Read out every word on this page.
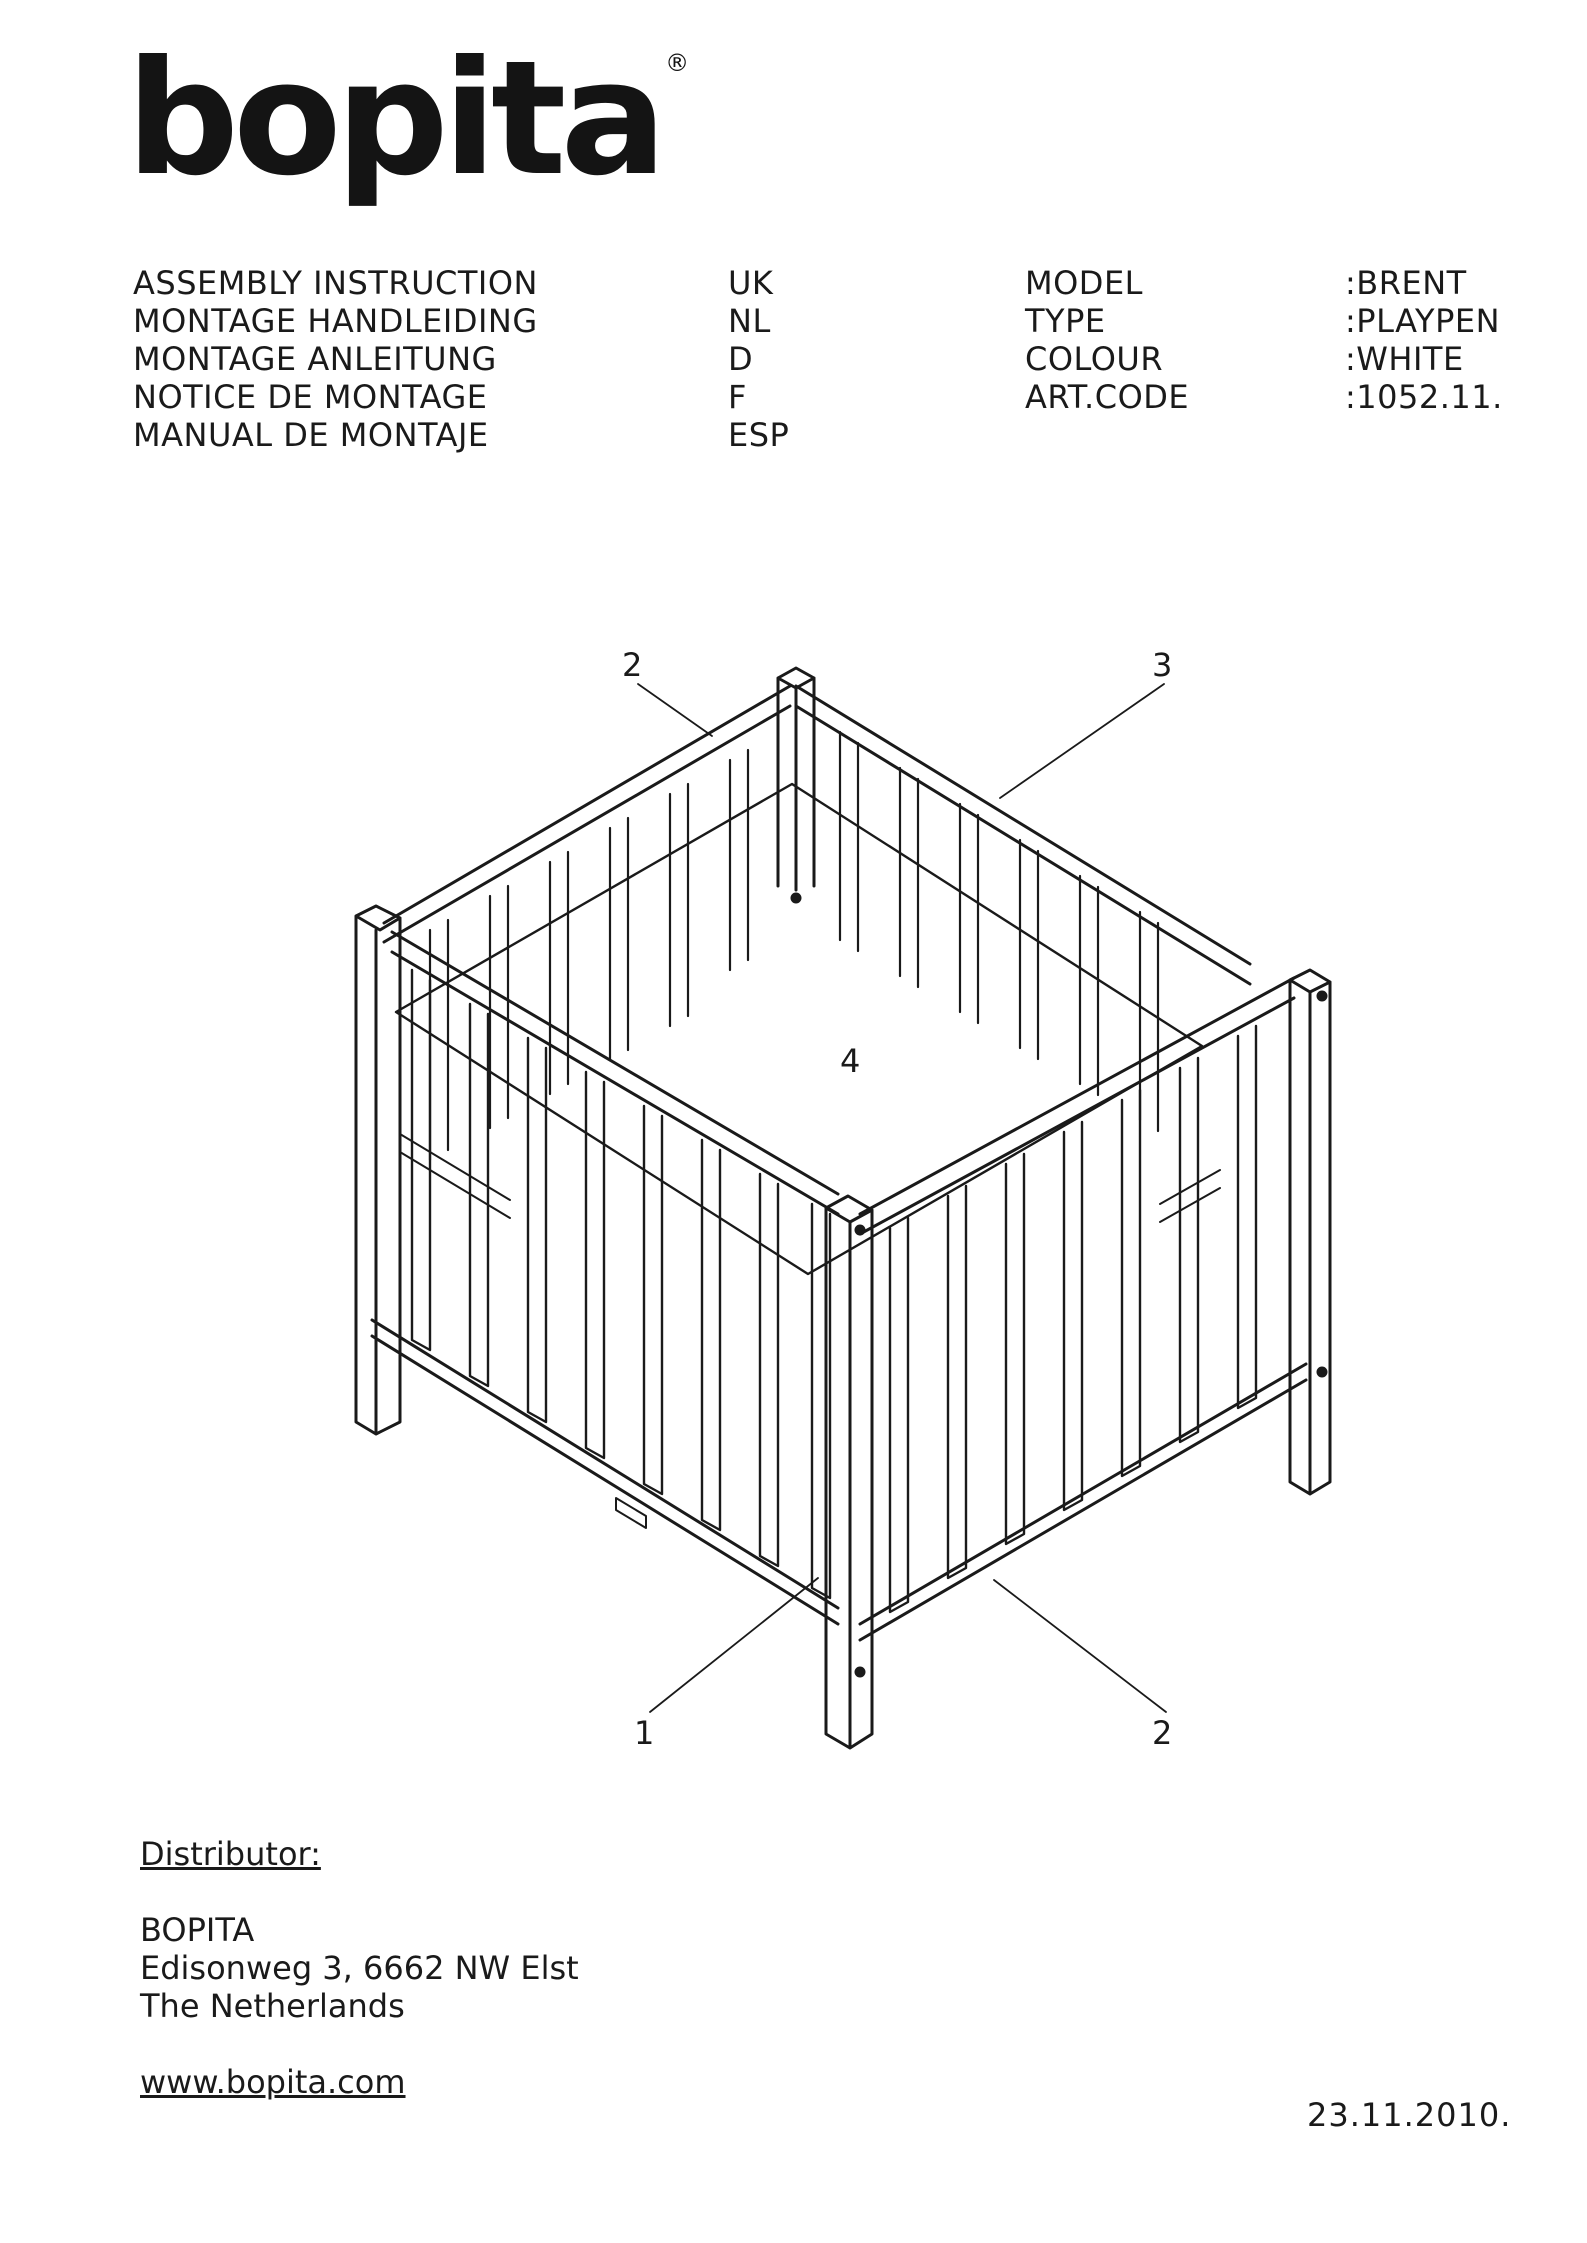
bopita ®
ASSEMBLY INSTRUCTION
MONTAGE HANDLEIDING
MONTAGE ANLEITUNG
NOTICE DE MONTAGE
MANUAL DE MONTAJE
UK
NL
D
F
ESP
MODEL
TYPE
COLOUR
ART.CODE
:BRENT
:PLAYPEN
:WHITE
:1052.11.
2	3
4
1	2
Distributor:
BOPITA
Edisonweg 3, 6662 NW Elst
The Netherlands
www.bopita.com
23.11.2010.
